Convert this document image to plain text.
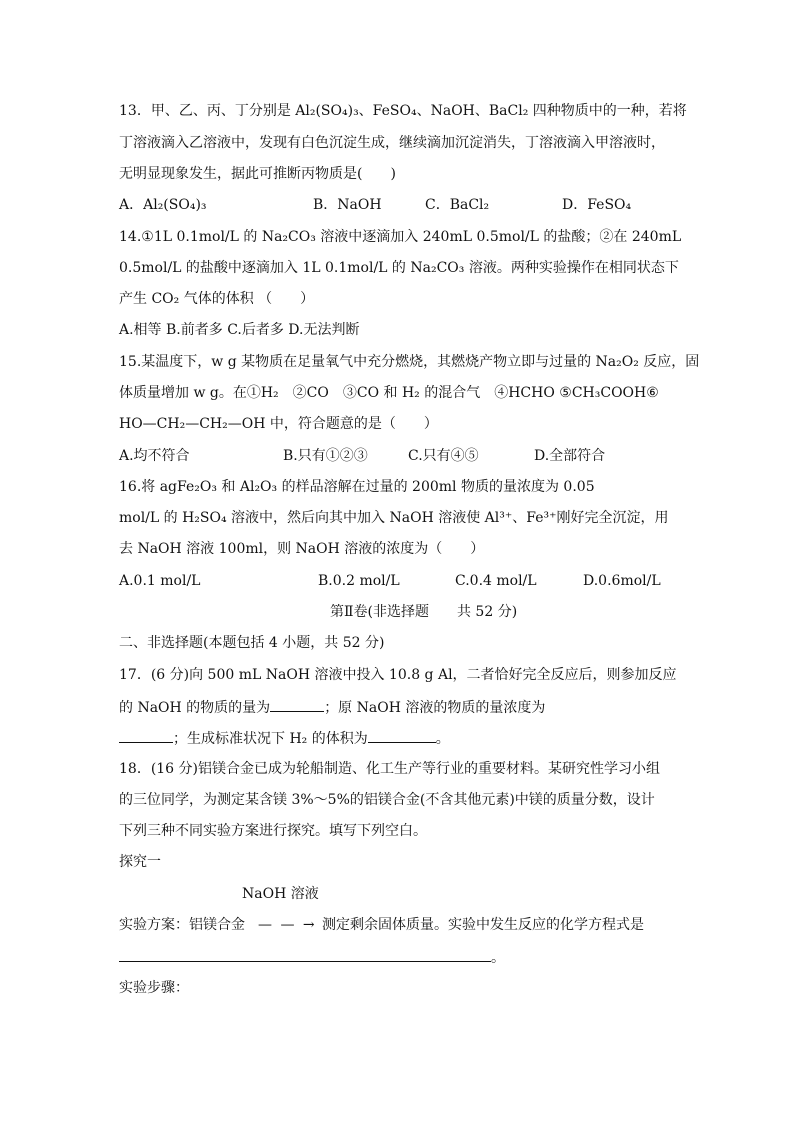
13．甲、乙、丙、丁分别是 Al₂(SO₄)₃、FeSO₄、NaOH、BaCl₂ 四种物质中的一种，若将
丁溶液滴入乙溶液中，发现有白色沉淀生成，继续滴加沉淀消失，丁溶液滴入甲溶液时，
无明显现象发生，据此可推断丙物质是(　　)
A．Al₂(SO₄)₃	B．NaOH	C．BaCl₂	D．FeSO₄
14.①1L 0.1mol/L 的 Na₂CO₃ 溶液中逐滴加入 240mL 0.5mol/L 的盐酸；②在 240mL
0.5mol/L 的盐酸中逐滴加入 1L 0.1mol/L 的 Na₂CO₃ 溶液。两种实验操作在相同状态下
产生 CO₂ 气体的体积 （　　）
A.相等 B.前者多 C.后者多 D.无法判断
15.某温度下，w g 某物质在足量氧气中充分燃烧，其燃烧产物立即与过量的 Na₂O₂ 反应，固
体质量增加 w g。在①H₂　②CO　③CO 和 H₂ 的混合气　④HCHO ⑤CH₃COOH⑥
HO—CH₂—CH₂—OH 中，符合题意的是（　　）
A.均不符合	B.只有①②③	C.只有④⑤	D.全部符合
16.将 agFe₂O₃ 和 Al₂O₃ 的样品溶解在过量的 200ml 物质的量浓度为 0.05
mol/L 的 H₂SO₄ 溶液中，然后向其中加入 NaOH 溶液使 Al³⁺、Fe³⁺刚好完全沉淀，用
去 NaOH 溶液 100ml，则 NaOH 溶液的浓度为（　　）
A.0.1 mol/L	B.0.2 mol/L	C.0.4 mol/L	D.0.6mol/L
第Ⅱ卷(非选择题　　共 52 分)
二、非选择题(本题包括 4 小题，共 52 分)
17．(6 分)向 500 mL NaOH 溶液中投入 10.8 g Al，二者恰好完全反应后，则参加反应
的 NaOH 的物质的量为	；原 NaOH 溶液的物质的量浓度为
；生成标准状况下 H₂ 的体积为	。
18．(16 分)铝镁合金已成为轮船制造、化工生产等行业的重要材料。某研究性学习小组
的三位同学，为测定某含镁 3%～5%的铝镁合金(不含其他元素)中镁的质量分数，设计
下列三种不同实验方案进行探究。填写下列空白。
探究一
NaOH 溶液
实验方案：铝镁合金 — — → 测定剩余固体质量。实验中发生反应的化学方程式是
。
实验步骤：
